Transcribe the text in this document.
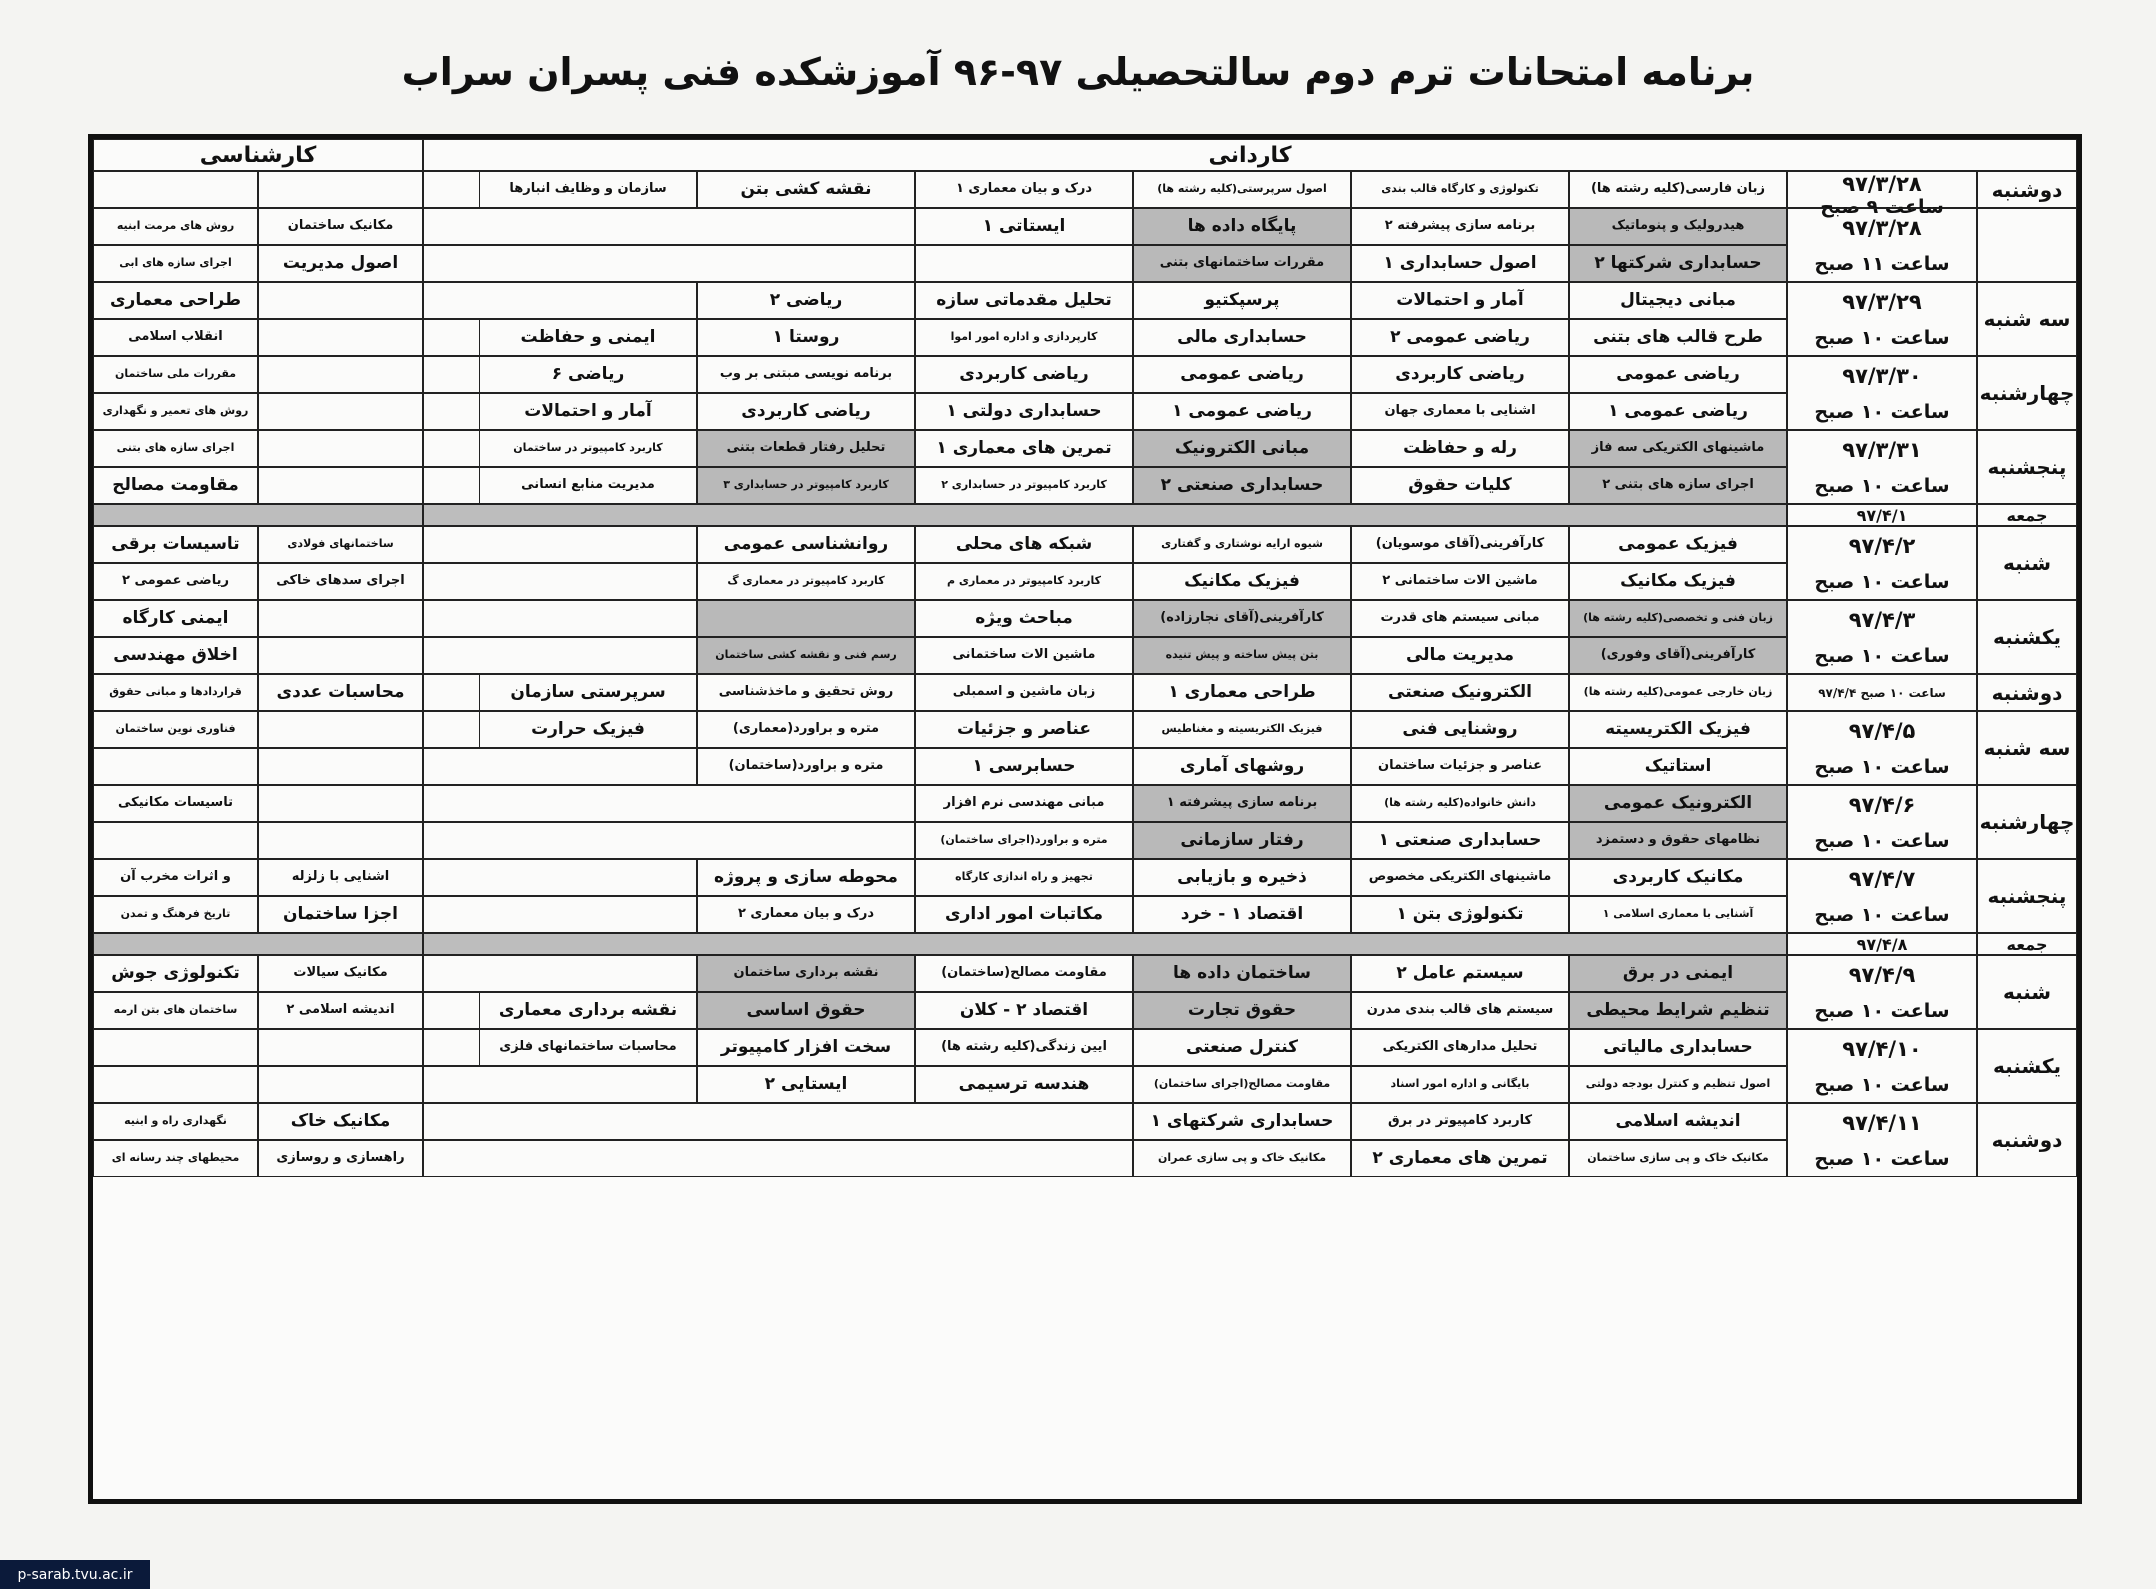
برنامه امتحانات ترم دوم سالتحصیلی ۹۷-۹۶ آموزشکده فنی پسران سراب
کاردانی
کارشناسی
دوشنبه
۹۷/۳/۲۸
ساعت ۹ صبح
زبان فارسی(کلیه رشته ها)
تکنولوژی و کارگاه قالب بندی
اصول سرپرستی(کلیه رشته ها)
درک و بیان معماری ۱
نقشه کشی بتن
سازمان و وظایف انبارها
۹۷/۳/۲۸
ساعت ۱۱ صبح
هیدرولیک و پنوماتیک
برنامه سازی پیشرفته ۲
پایگاه داده ها
ایستاتی ۱
حسابداری شرکتها ۲
اصول حسابداری ۱
مقررات ساختمانهای بتنی
مکانیک ساختمان
روش های مرمت ابنیه
اصول مدیریت
اجرای سازه های ابی
سه شنبه
۹۷/۳/۲۹
ساعت ۱۰ صبح
مبانی دیجیتال
آمار و احتمالات
پرسپکتیو
تحلیل مقدماتی سازه
ریاضی ۲
طرح قالب های بتنی
ریاضی عمومی ۲
حسابداری مالی
کارپردازی و اداره امور اموا
روستا ۱
ایمنی و حفاظت
طراحی معماری
انقلاب اسلامی
چهارشنبه
۹۷/۳/۳۰
ساعت ۱۰ صبح
ریاضی عمومی
ریاضی کاربردی
ریاضی عمومی
ریاضی کاربردی
برنامه نویسی مبتنی بر وب
ریاضی ۶
ریاضی عمومی ۱
اشنایی با معماری جهان
ریاضی عمومی ۱
حسابداری دولتی ۱
ریاضی کاربردی
آمار و احتمالات
مقررات ملی ساختمان
روش های تعمیر و نگهداری
پنجشنبه
۹۷/۳/۳۱
ساعت ۱۰ صبح
ماشینهای الکتریکی سه فاز
رله و حفاظت
مبانی الکترونیک
تمرین های معماری ۱
تحلیل رفتار قطعات بتنی
کاربرد کامپیوتر در ساختمان
اجرای سازه های بتنی ۲
کلیات حقوق
حسابداری صنعتی ۲
کاربرد کامپیوتر در حسابداری ۲
کاربرد کامپیوتر در حسابداری ۳
مدیریت منابع انسانی
اجرای سازه های بتنی
مقاومت مصالح
جمعه
۹۷/۴/۱
شنبه
۹۷/۴/۲
ساعت ۱۰ صبح
فیزیک عمومی
کارآفرینی(آقای موسویان)
شیوه ارایه نوشتاری و گفتاری
شبکه های محلی
روانشناسی عمومی
فیزیک مکانیک
ماشین الات ساختمانی ۲
فیزیک مکانیک
کاربرد کامپیوتر در معماری م
کاربرد کامپیوتر در معماری گ
ساختمانهای فولادی
تاسیسات برقی
اجرای سدهای خاکی
ریاضی عمومی ۲
یکشنبه
۹۷/۴/۳
ساعت ۱۰ صبح
زبان فنی و تخصصی(کلیه رشته ها)
مبانی سیستم های قدرت
کارآفرینی(آقای نجارزاده)
مباحث ویژه
کارآفرینی(آقای وفوری)
مدیریت مالی
بتن پیش ساخته و پیش تنیده
ماشین الات ساختمانی
رسم فنی و نقشه کشی ساختمان
ایمنی کارگاه
اخلاق مهندسی
دوشنبه
ساعت ۱۰ صبح ۹۷/۴/۴
زبان خارجی عمومی(کلیه رشته ها)
الکترونیک صنعتی
طراحی معماری ۱
زبان ماشین و اسمبلی
روش تحقیق و ماخذشناسی
سرپرستی سازمان
محاسبات عددی
قراردادها و مبانی حقوق
سه شنبه
۹۷/۴/۵
ساعت ۱۰ صبح
فیزیک الکتریسیته
روشنایی فنی
فیزیک الکتریسیته و مغناطیس
عناصر و جزئیات
متره و براورد(معماری)
فیزیک حرارت
استاتیک
عناصر و جزئیات ساختمان
روشهای آماری
حسابرسی ۱
متره و براورد(ساختمان)
فناوری نوین ساختمان
چهارشنبه
۹۷/۴/۶
ساعت ۱۰ صبح
الکترونیک عمومی
دانش خانواده(کلیه رشته ها)
برنامه سازی پیشرفته ۱
مبانی مهندسی نرم افزار
نظامهای حقوق و دستمزد
حسابداری صنعتی ۱
رفتار سازمانی
متره و براورد(اجرای ساختمان)
تاسیسات مکانیکی
پنجشنبه
۹۷/۴/۷
ساعت ۱۰ صبح
مکانیک کاربردی
ماشینهای الکتریکی مخصوص
ذخیره و بازیابی
تجهیز و راه اندازی کارگاه
محوطه سازی و پروژه
آشنایی با معماری اسلامی ۱
تکنولوژی بتن ۱
اقتصاد ۱ - خرد
مکاتبات امور اداری
درک و بیان معماری ۲
اشنایی با زلزله
و اثرات مخرب آن
اجزا ساختمان
تاریخ فرهنگ و تمدن
جمعه
۹۷/۴/۸
شنبه
۹۷/۴/۹
ساعت ۱۰ صبح
ایمنی در برق
سیستم عامل ۲
ساختمان داده ها
مقاومت مصالح(ساختمان)
نقشه برداری ساختمان
تنظیم شرایط محیطی
سیستم های قالب بندی مدرن
حقوق تجارت
اقتصاد ۲ - کلان
حقوق اساسی
نقشه برداری معماری
مکانیک سیالات
تکنولوژی جوش
اندیشه اسلامی ۲
ساختمان های بتن ارمه
یکشنبه
۹۷/۴/۱۰
ساعت ۱۰ صبح
حسابداری مالیاتی
تحلیل مدارهای الکتریکی
کنترل صنعتی
ایین زندگی(کلیه رشته ها)
سخت افزار کامپیوتر
محاسبات ساختمانهای فلزی
اصول تنظیم و کنترل بودجه دولتی
بایگانی و اداره امور اسناد
مقاومت مصالح(اجرای ساختمان)
هندسه ترسیمی
ایستایی ۲
دوشنبه
۹۷/۴/۱۱
ساعت ۱۰ صبح
اندیشه اسلامی
کاربرد کامپیوتر در برق
حسابداری شرکتهای ۱
مکانیک خاک و پی سازی ساختمان
تمرین های معماری ۲
مکانیک خاک و پی سازی عمران
مکانیک خاک
نگهداری راه و ابنیه
راهسازی و روسازی
محیطهای چند رسانه ای
p-sarab.tvu.ac.ir
